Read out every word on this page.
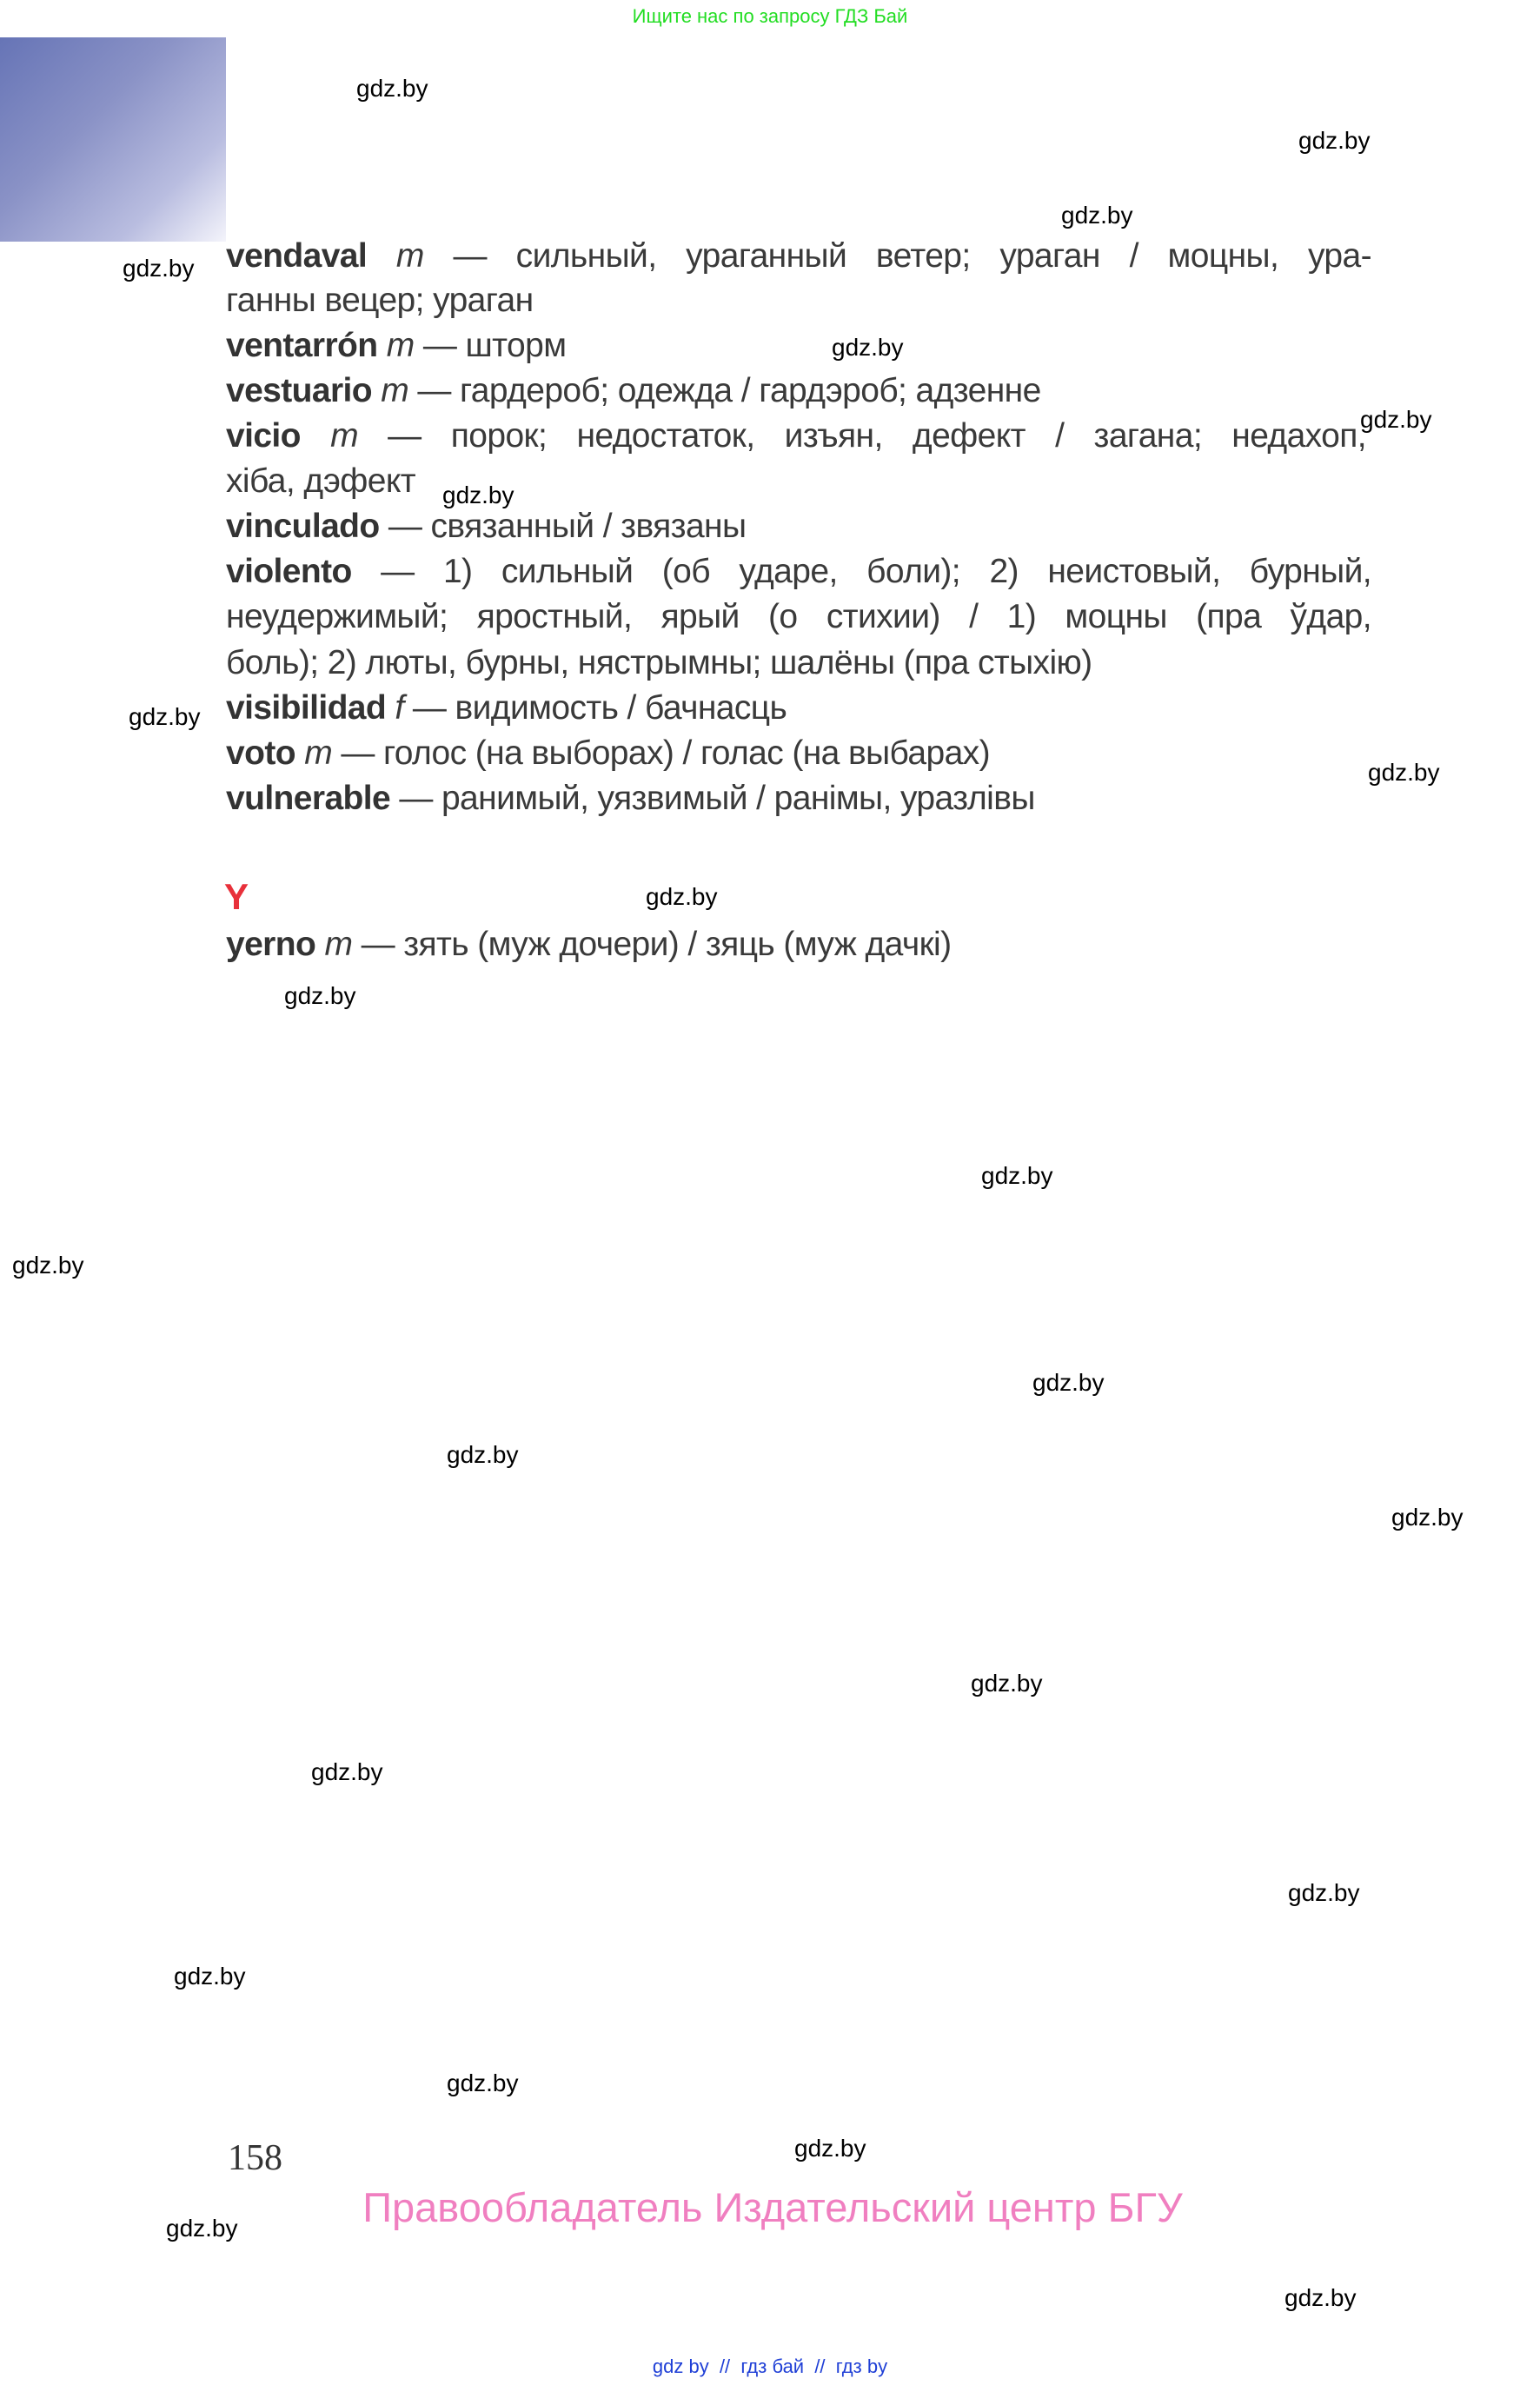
Ищите нас по запросу ГДЗ Бай
vendaval m — сильный, ураганный ветер; ураган / моцны, ура-
ганны вецер; ураган
ventarrón m — шторм
vestuario m — гардероб; одежда / гардэроб; адзенне
vicio m — порок; недостаток, изъян, дефект / загана; недахоп,
хіба, дэфект
vinculado — связанный / звязаны
violento — 1) сильный (об ударе, боли); 2) неистовый, бурный,
неудержимый; яростный, ярый (о стихии) / 1) моцны (пра ўдар,
боль); 2) люты, бурны, нястрымны; шалёны (пра стыхію)
visibilidad f — видимость / бачнасць
voto m — голос (на выборах) / голас (на выбарах)
vulnerable — ранимый, уязвимый / ранімы, уразлівы
Y
yerno m — зять (муж дочери) / зяць (муж дачкі)
gdz.by
gdz.by
gdz.by
gdz.by
gdz.by
gdz.by
gdz.by
gdz.by
gdz.by
gdz.by
gdz.by
gdz.by
gdz.by
gdz.by
gdz.by
gdz.by
gdz.by
gdz.by
gdz.by
gdz.by
gdz.by
gdz.by
gdz.by
gdz.by
158
Правообладатель Издательский центр БГУ
gdz by  //  гдз бай  //  гдз by
